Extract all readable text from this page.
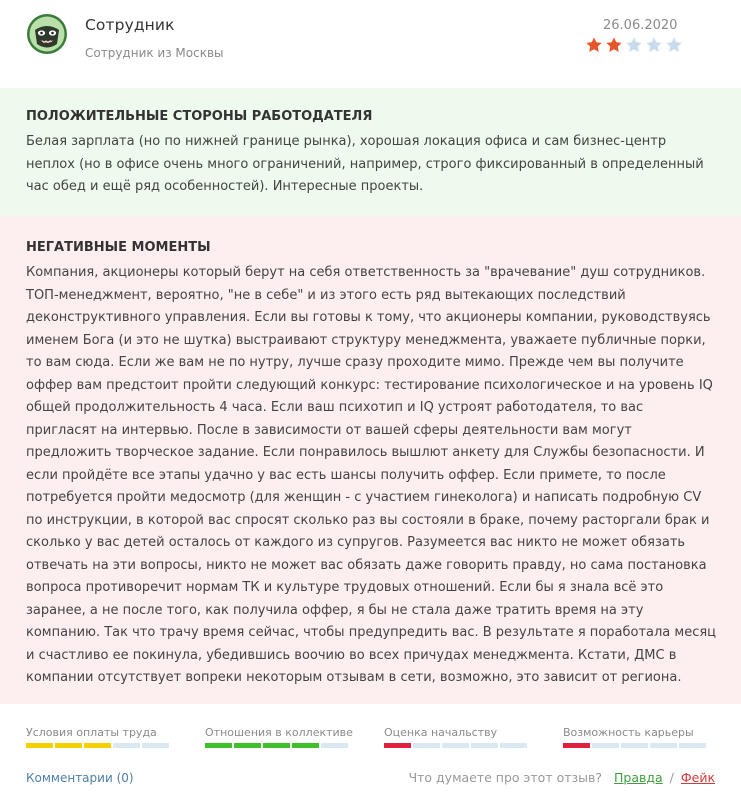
Сотрудник
Сотрудник из Москвы
26.06.2020
ПОЛОЖИТЕЛЬНЫЕ СТОРОНЫ РАБОТОДАТЕЛЯ
Белая зарплата (но по нижней границе рынка), хорошая локация офиса и сам бизнес-центр неплох (но в офисе очень много ограничений, например, строго фиксированный в определенный час обед и ещё ряд особенностей). Интересные проекты.
НЕГАТИВНЫЕ МОМЕНТЫ
Компания, акционеры который берут на себя ответственность за "врачевание" душ сотрудников. ТОП-менеджмент, вероятно, "не в себе" и из этого есть ряд вытекающих последствий деконструктивного управления. Если вы готовы к тому, что акционеры компании, руководствуясь именем Бога (и это не шутка) выстраивают структуру менеджмента, уважаете публичные порки, то вам сюда. Если же вам не по нутру, лучше сразу проходите мимо. Прежде чем вы получите оффер вам предстоит пройти следующий конкурс: тестирование психологическое и на уровень IQ общей продолжительность 4 часа. Если ваш психотип и IQ устроят работодателя, то вас пригласят на интервью. После в зависимости от вашей сферы деятельности вам могут предложить творческое задание. Если понравилось вышлют анкету для Службы безопасности. И если пройдёте все этапы удачно у вас есть шансы получить оффер. Если примете, то после потребуется пройти медосмотр (для женщин - с участием гинеколога) и написать подробную CV по инструкции, в которой вас спросят сколько раз вы состояли в браке, почему расторгали брак и сколько у вас детей осталось от каждого из супругов. Разумеется вас никто не может обязать отвечать на эти вопросы, никто не может вас обязать даже говорить правду, но сама постановка вопроса противоречит нормам ТК и культуре трудовых отношений. Если бы я знала всё это заранее, а не после того, как получила оффер, я бы не стала даже тратить время на эту компанию. Так что трачу время сейчас, чтобы предупредить вас. В результате я поработала месяц и счастливо ее покинула, убедившись воочию во всех причудах менеджмента. Кстати, ДМС в компании отсутствует вопреки некоторым отзывам в сети, возможно, это зависит от региона.
Условия оплаты труда	Отношения в коллективе	Оценка начальству	Возможность карьеры
Комментарии (0)	Что думаете про этот отзыв? Правда / Фейк
